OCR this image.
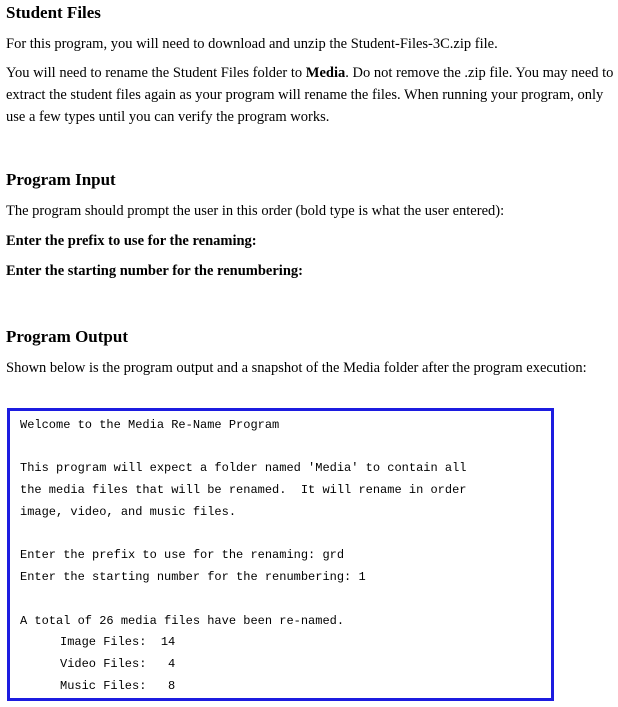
Student Files

For this program, you will need to download and unzip the Student-Files-3C.zip file.

You will need to rename the Student Files folder to Media. Do not remove the .zip file. You may need to extract the student files again as your program will rename the files. When running your program, only use a few types until you can verify the program works.

Program Input

The program should prompt the user in this order (bold type is what the user entered):

Enter the prefix to use for the renaming:

Enter the starting number for the renumbering:

Program Output

Shown below is the program output and a snapshot of the Media folder after the program execution:

Welcome to the Media Re-Name Program
This program will expect a folder named 'Media' to contain all
the media files that will be renamed.  It will rename in order
image, video, and music files.
Enter the prefix to use for the renaming: grd
Enter the starting number for the renumbering: 1
A total of 26 media files have been re-named.
Image Files:  14
Video Files:   4
Music Files:   8
